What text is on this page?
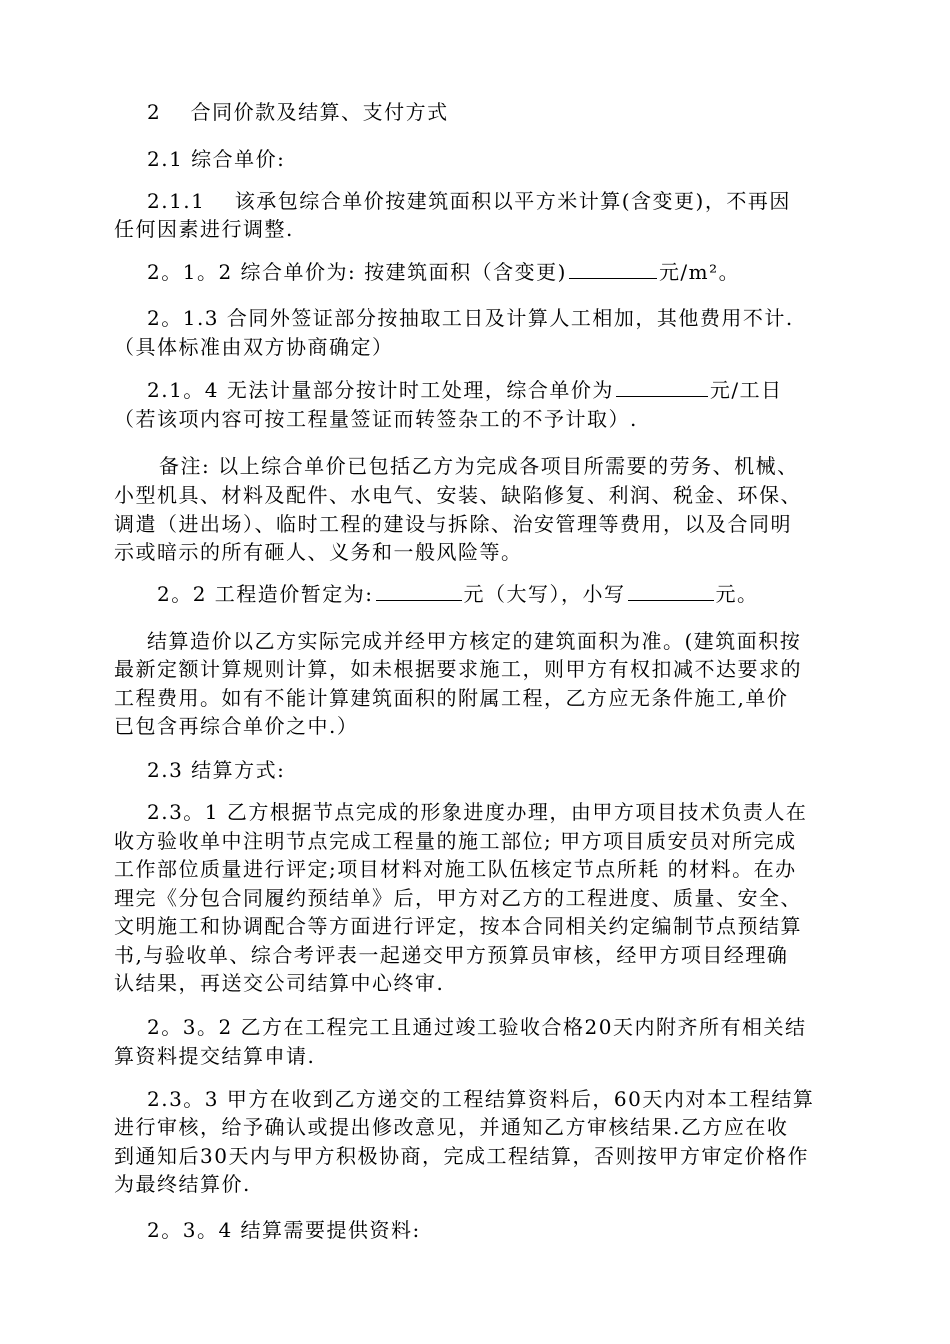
2　 合同价款及结算、支付方式
2.1 综合单价:
2.1.1　 该承包综合单价按建筑面积以平方米计算(含变更)，不再因
任何因素进行调整.
2。1。2 综合单价为: 按建筑面积（含变更)	元/m²。
2。1.3 合同外签证部分按抽取工日及计算人工相加，其他费用不计.
（具体标准由双方协商确定）
2.1。4 无法计量部分按计时工处理，综合单价为	元/工日
（若该项内容可按工程量签证而转签杂工的不予计取）.
备注: 以上综合单价已包括乙方为完成各项目所需要的劳务、机械、
小型机具、材料及配件、水电气、安装、缺陷修复、利润、税金、环保、
调遣（进出场）、临时工程的建设与拆除、治安管理等费用，以及合同明
示或暗示的所有砸人、义务和一般风险等。
2。2 工程造价暂定为:	元（大写），小写	元。
结算造价以乙方实际完成并经甲方核定的建筑面积为准。(建筑面积按
最新定额计算规则计算，如未根据要求施工，则甲方有权扣减不达要求的
工程费用。如有不能计算建筑面积的附属工程，乙方应无条件施工,单价
已包含再综合单价之中.）
2.3 结算方式:
2.3。1 乙方根据节点完成的形象进度办理，由甲方项目技术负责人在
收方验收单中注明节点完成工程量的施工部位; 甲方项目质安员对所完成
工作部位质量进行评定;项目材料对施工队伍核定节点所耗 的材料。在办
理完《分包合同履约预结单》后，甲方对乙方的工程进度、质量、安全、
文明施工和协调配合等方面进行评定，按本合同相关约定编制节点预结算
书,与验收单、综合考评表一起递交甲方预算员审核，经甲方项目经理确
认结果，再送交公司结算中心终审.
2。3。2 乙方在工程完工且通过竣工验收合格20天内附齐所有相关结
算资料提交结算申请.
2.3。3 甲方在收到乙方递交的工程结算资料后，60天内对本工程结算
进行审核，给予确认或提出修改意见，并通知乙方审核结果.乙方应在收
到通知后30天内与甲方积极协商，完成工程结算，否则按甲方审定价格作
为最终结算价.
2。3。4 结算需要提供资料:
